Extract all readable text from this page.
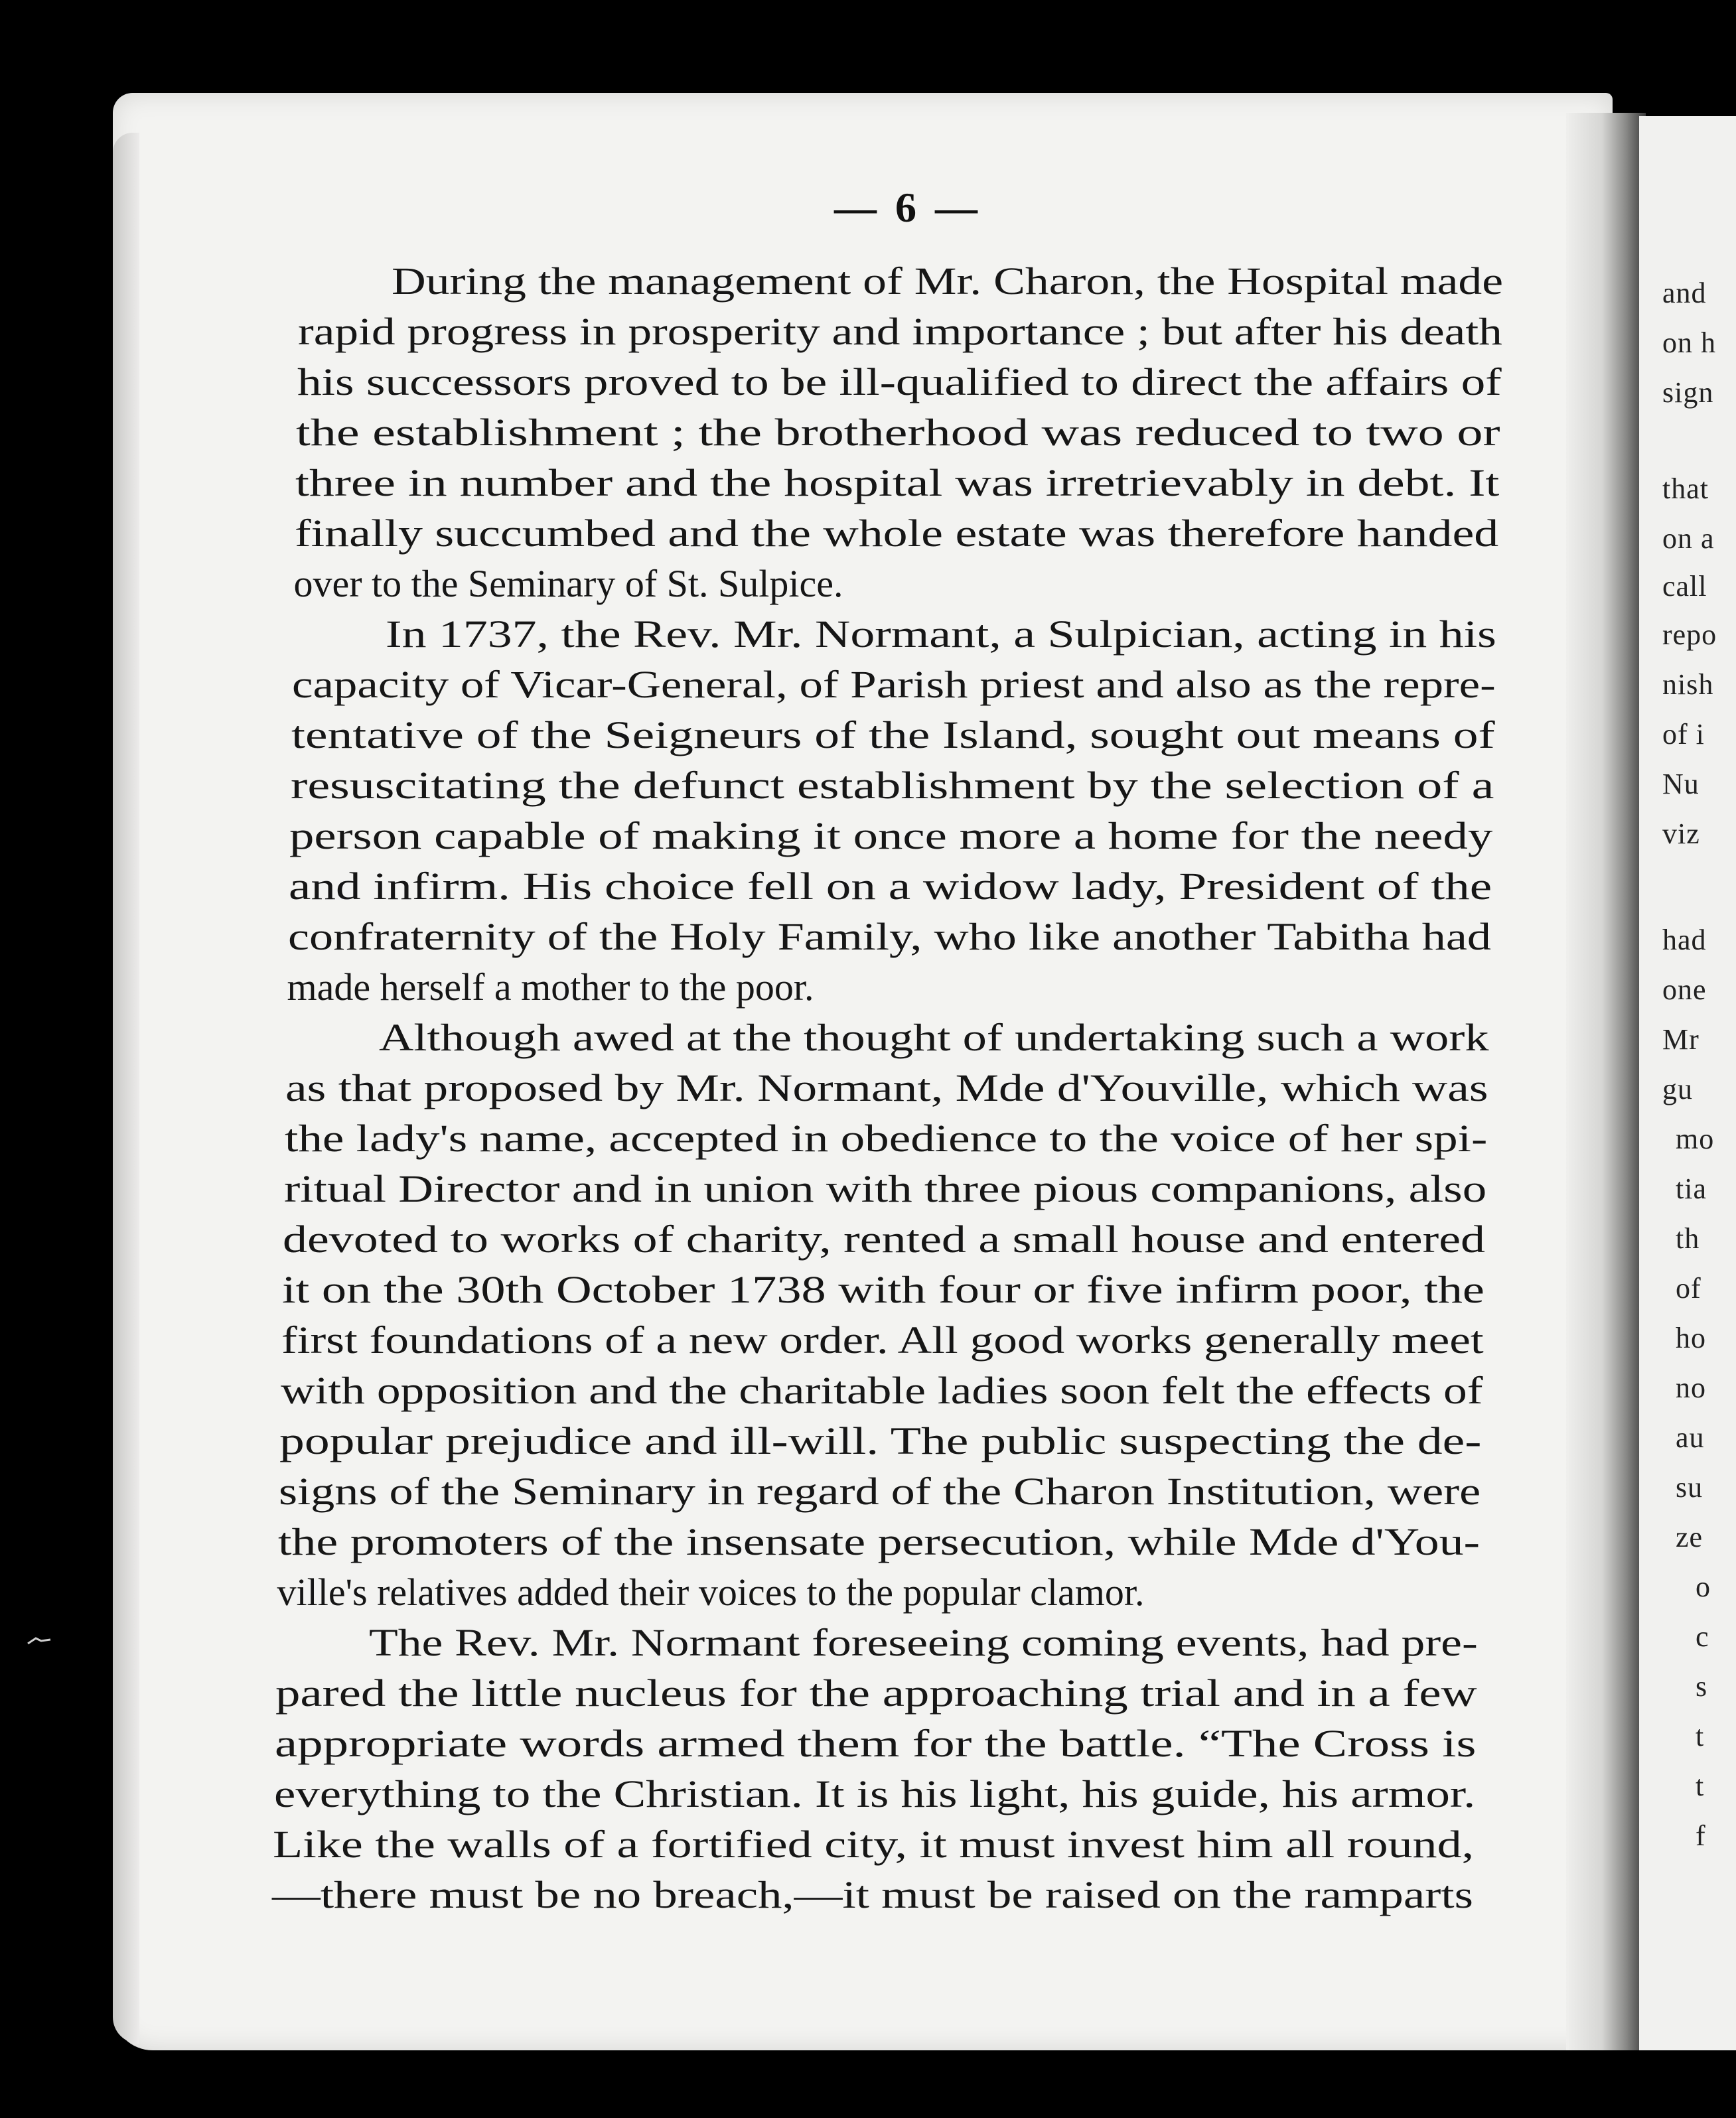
— 6 —
During the management of Mr. Charon, the Hospital made
rapid progress in prosperity and importance ; but after his death
his successors proved to be ill-qualified to direct the affairs of
the establishment ; the brotherhood was reduced to two or
three in number and the hospital was irretrievably in debt. It
finally succumbed and the whole estate was therefore handed
over to the Seminary of St. Sulpice.
In 1737, the Rev. Mr. Normant, a Sulpician, acting in his
capacity of Vicar-General, of Parish priest and also as the repre-
tentative of the Seigneurs of the Island, sought out means of
resuscitating the defunct establishment by the selection of a
person capable of making it once more a home for the needy
and infirm. His choice fell on a widow lady, President of the
confraternity of the Holy Family, who like another Tabitha had
made herself a mother to the poor.
Although awed at the thought of undertaking such a work
as that proposed by Mr. Normant, Mde d'Youville, which was
the lady's name, accepted in obedience to the voice of her spi-
ritual Director and in union with three pious companions, also
devoted to works of charity, rented a small house and entered
it on the 30th October 1738 with four or five infirm poor, the
first foundations of a new order. All good works generally meet
with opposition and the charitable ladies soon felt the effects of
popular prejudice and ill-will. The public suspecting the de-
signs of the Seminary in regard of the Charon Institution, were
the promoters of the insensate persecution, while Mde d'You-
ville's relatives added their voices to the popular clamor.
The Rev. Mr. Normant foreseeing coming events, had pre-
pared the little nucleus for the approaching trial and in a few
appropriate words armed them for the battle. “The Cross is
everything to the Christian. It is his light, his guide, his armor.
Like the walls of a fortified city, it must invest him all round,
—there must be no breach,—it must be raised on the ramparts
and
on h
sign
that
on a
call
repo
nish
of i
Nu
viz
had
one
Mr
gu
mo
tia
th
of
ho
no
au
su
ze
o
c
s
t
t
f
